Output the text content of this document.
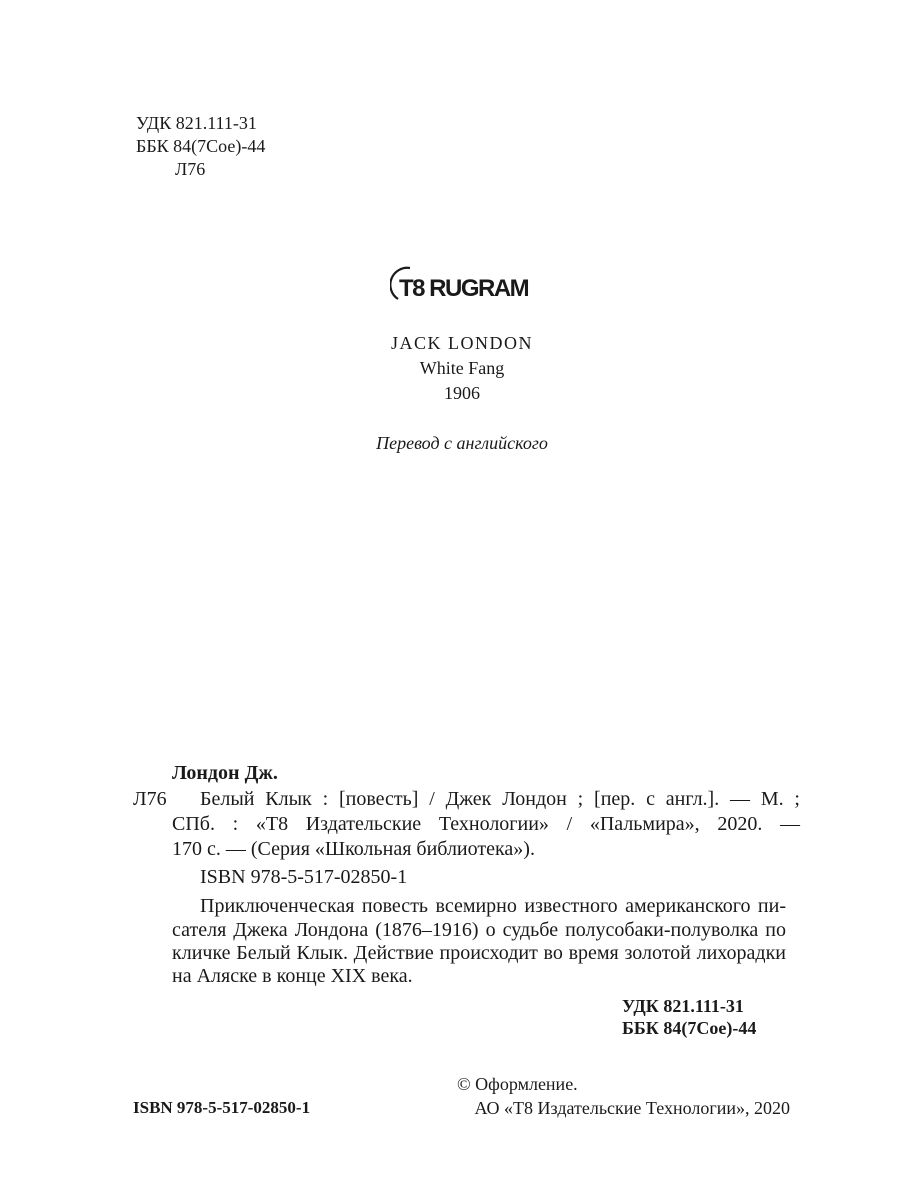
УДК 821.111-31
ББК 84(7Сое)-44
Л76
T8 RUGRAM
JACK LONDON
White Fang
1906
Перевод с английского
Лондон Дж.
Л76 Белый Клык : [повесть] / Джек Лондон ; [пер. с англ.]. — М. ;
СПб. : «Т8 Издательские Технологии» / «Пальмира», 2020. —
170 с. — (Серия «Школьная библиотека»).
ISBN 978-5-517-02850-1
Приключенческая повесть всемирно известного американского пи-
сателя Джека Лондона (1876–1916) о судьбе полусобаки-полуволка по
кличке Белый Клык. Действие происходит во время золотой лихорадки
на Аляске в конце XIX века.
УДК 821.111-31
ББК 84(7Сое)-44
© Оформление.
ISBN 978-5-517-02850-1	АО «Т8 Издательские Технологии», 2020
